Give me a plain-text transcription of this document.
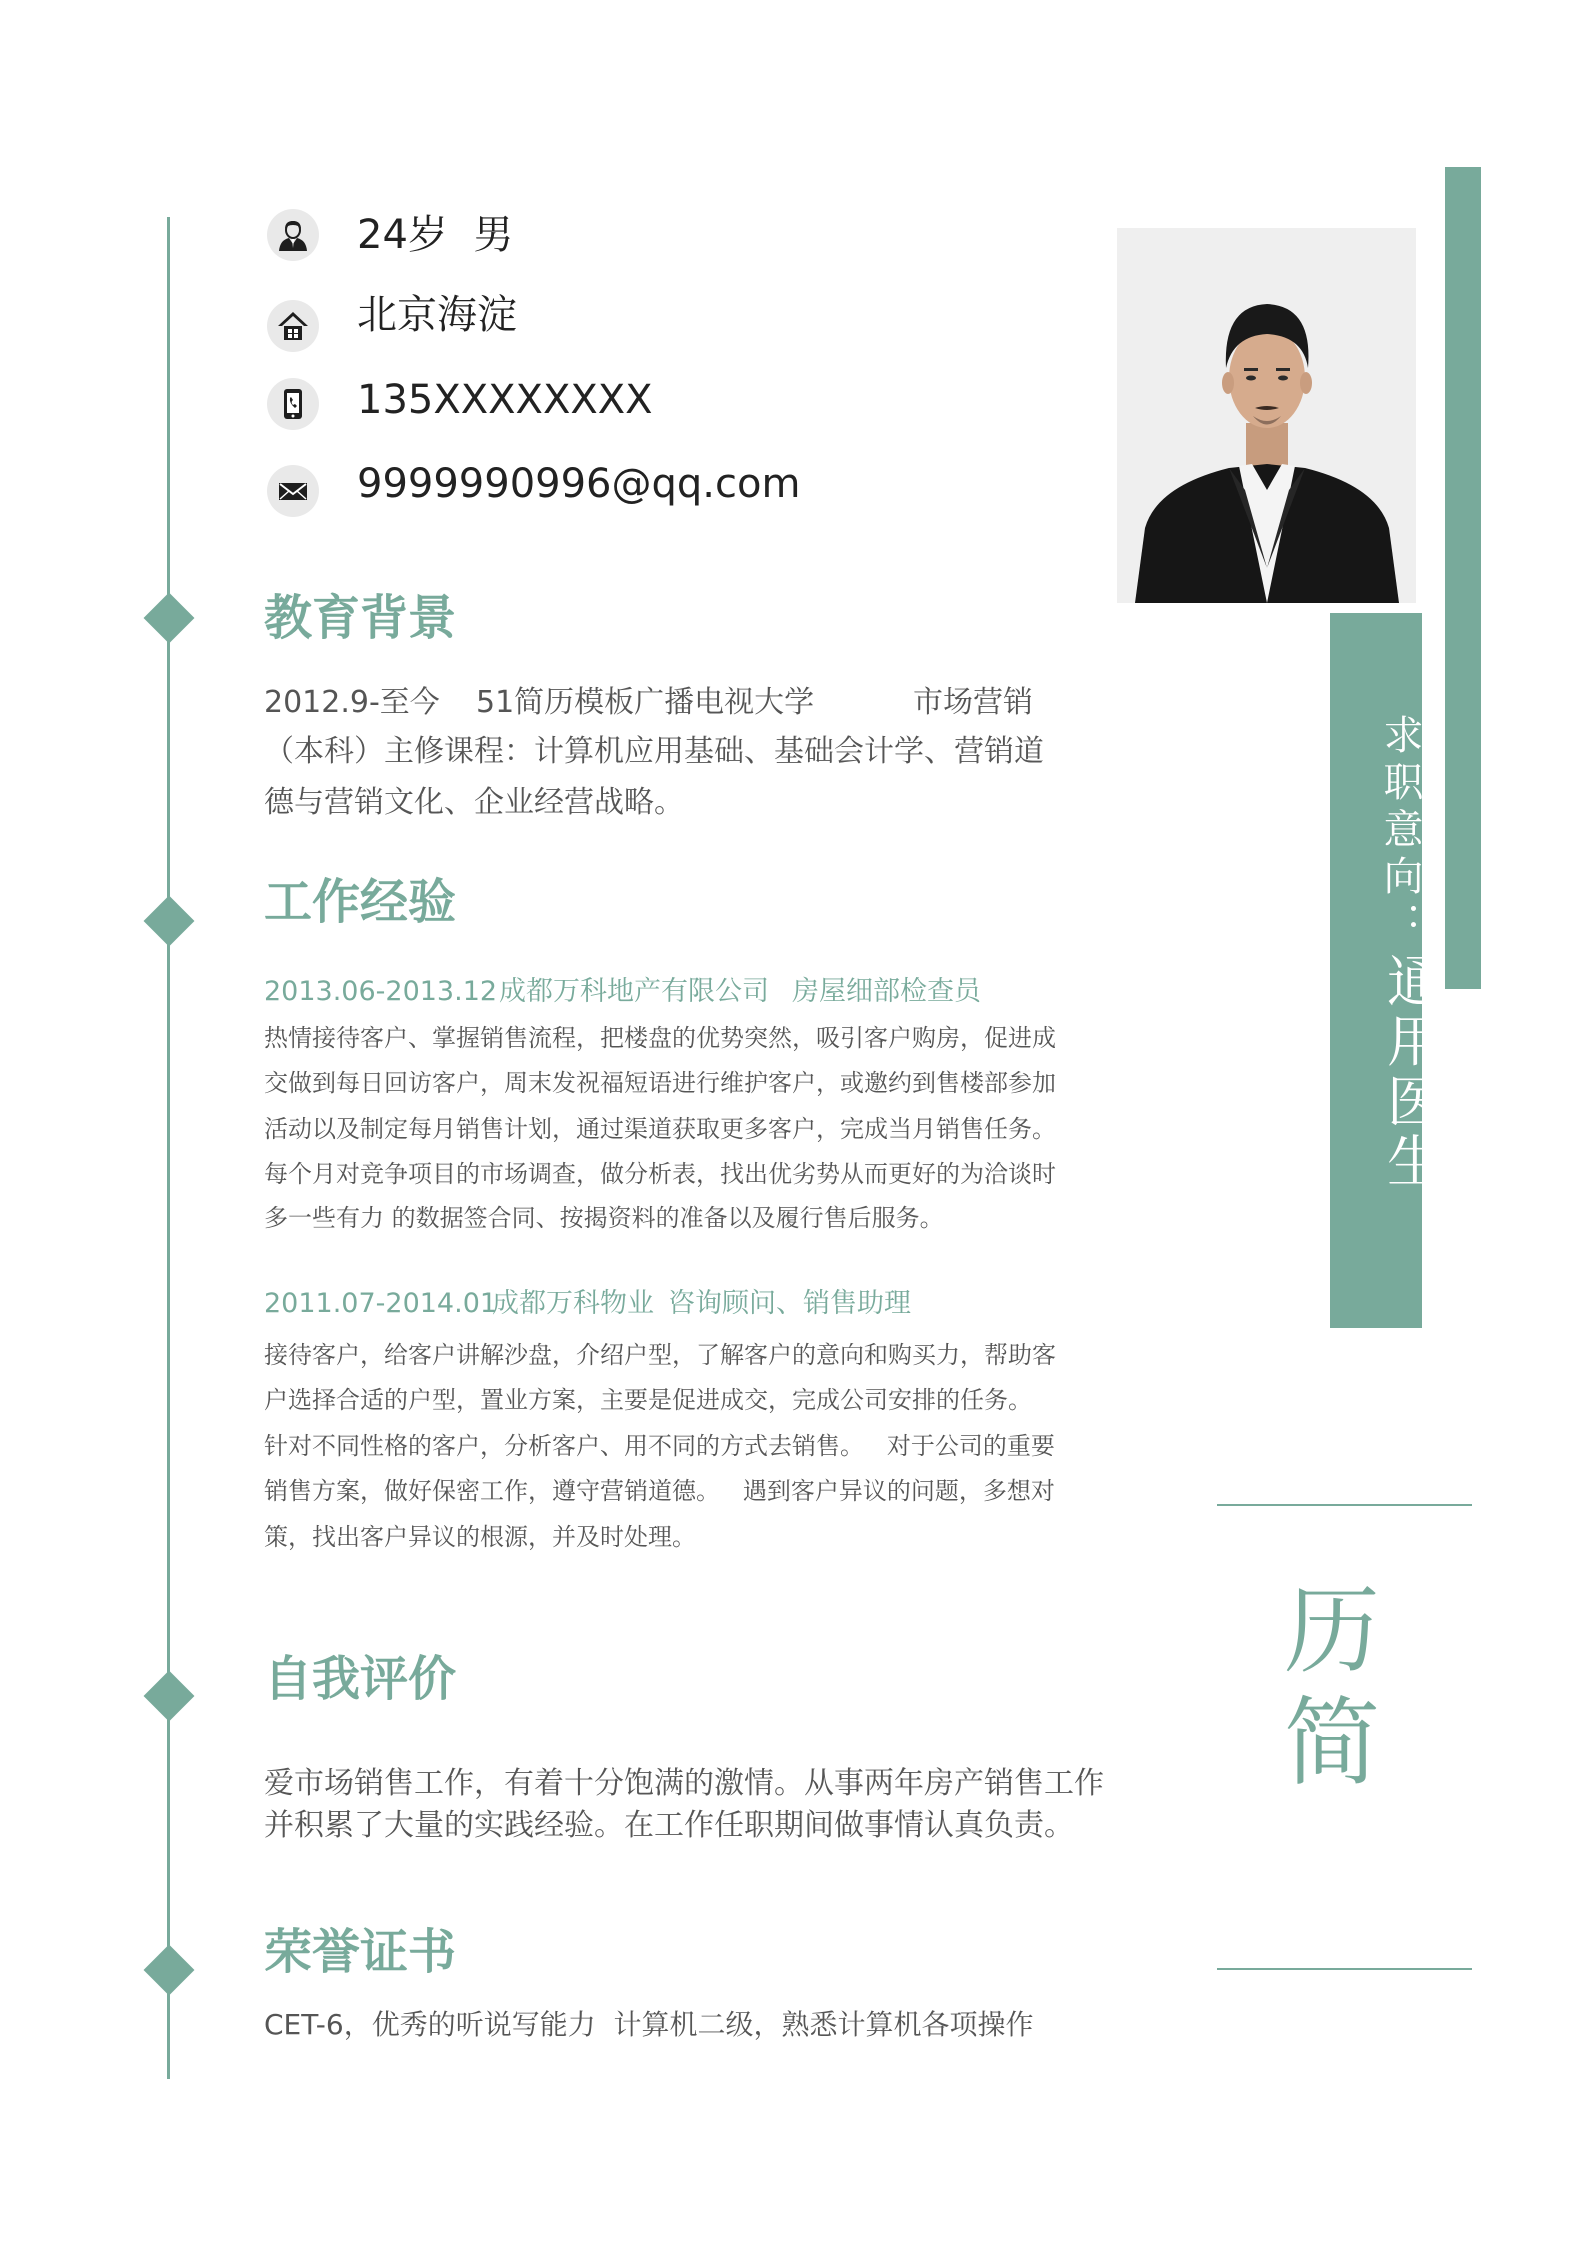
24岁  男
北京海淀
135XXXXXXXX
9999990996@qq.com
求职意向：
通用医生
历
简
教育背景
2012.9-至今 51简历模板广播电视大学	市场营销
（本科）主修课程：计算机应用基础、基础会计学、营销道
德与营销文化、企业经营战略。
工作经验
2013.06-2013.12 成都万科地产有限公司 房屋细部检查员
热情接待客户、掌握销售流程，把楼盘的优势突然，吸引客户购房，促进成
交做到每日回访客户，周末发祝福短语进行维护客户，或邀约到售楼部参加
活动以及制定每月销售计划，通过渠道获取更多客户，完成当月销售任务。
每个月对竞争项目的市场调查，做分析表，找出优劣势从而更好的为洽谈时
多一些有力 的数据签合同、按揭资料的准备以及履行售后服务。
2011.07-2014.01
成都万科物业 咨询顾问、销售助理
接待客户，给客户讲解沙盘，介绍户型，了解客户的意向和购买力，帮助客
户选择合适的户型，置业方案，主要是促进成交，完成公司安排的任务。
针对不同性格的客户，分析客户、用不同的方式去销售。   对于公司的重要
销售方案，做好保密工作，遵守营销道德。   遇到客户异议的问题，多想对
策，找出客户异议的根源，并及时处理。
自我评价
爱市场销售工作，有着十分饱满的激情。从事两年房产销售工作
并积累了大量的实践经验。在工作任职期间做事情认真负责。
荣誉证书
CET-6，优秀的听说写能力  计算机二级，熟悉计算机各项操作
